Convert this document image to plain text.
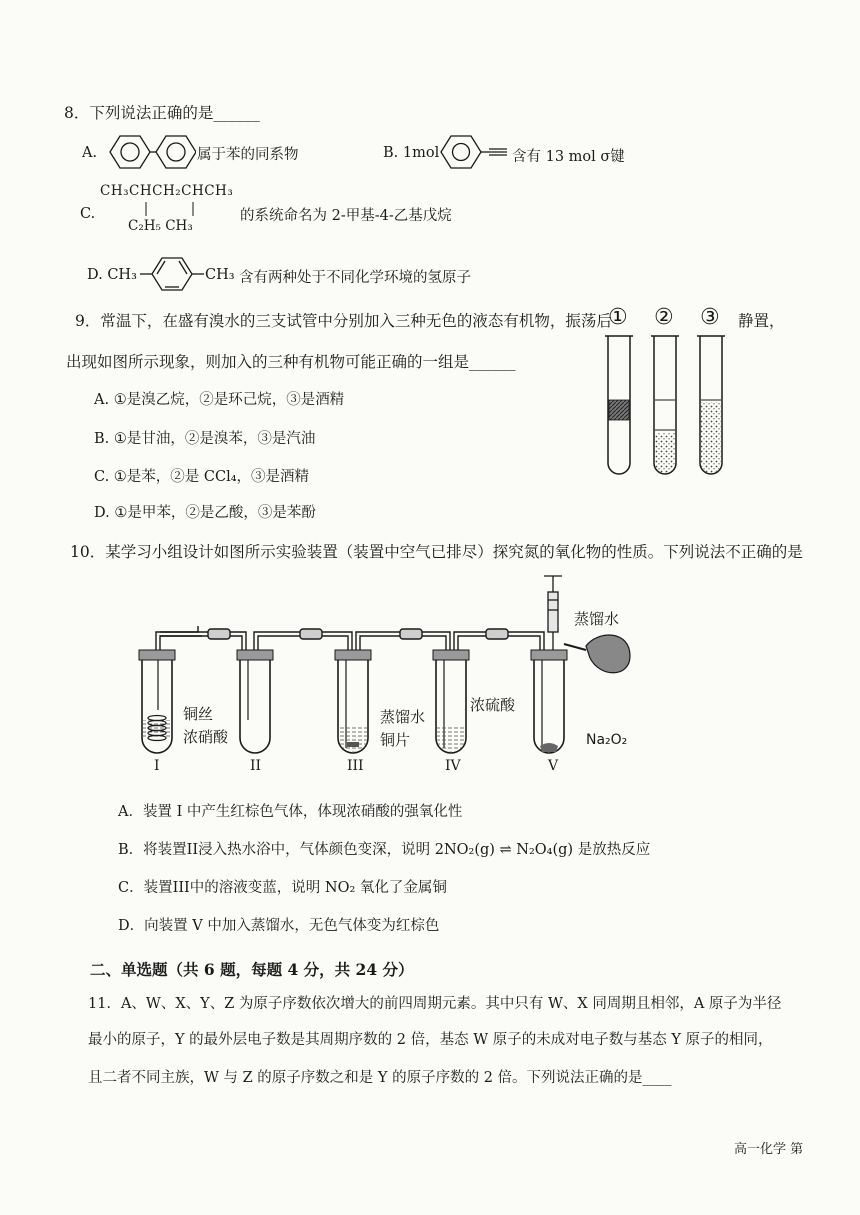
8．下列说法正确的是______
A.	属于苯的同系物	B. 1mol	含有 13 mol σ键
C.
CH₃CHCH₂CHCH₃
C₂H₅ CH₃
的系统命名为 2-甲基-4-乙基戊烷
D. CH₃	CH₃ 含有两种处于不同化学环境的氢原子
9．常温下，在盛有溴水的三支试管中分别加入三种无色的液态有机物，振荡后	静置，
出现如图所示现象，则加入的三种有机物可能正确的一组是______
A. ①是溴乙烷，②是环己烷，③是酒精
B. ①是甘油，②是溴苯，③是汽油
C. ①是苯，②是 CCl₄，③是酒精
D. ①是甲苯，②是乙酸，③是苯酚
① ② ③
10．某学习小组设计如图所示实验装置（装置中空气已排尽）探究氮的氧化物的性质。下列说法不正确的是
铜丝
浓硝酸
蒸馏水
铜片
浓硫酸
蒸馏水
Na₂O₂
I	II	III	IV	V
A．装置 I 中产生红棕色气体，体现浓硝酸的强氧化性
B．将装置II浸入热水浴中，气体颜色变深，说明 2NO₂(g) ⇌ N₂O₄(g) 是放热反应
C．装置III中的溶液变蓝，说明 NO₂ 氧化了金属铜
D．向装置 V 中加入蒸馏水，无色气体变为红棕色
二、单选题（共 6 题，每题 4 分，共 24 分）
11．A、W、X、Y、Z 为原子序数依次增大的前四周期元素。其中只有 W、X 同周期且相邻，A 原子为半径
最小的原子，Y 的最外层电子数是其周期序数的 2 倍，基态 W 原子的未成对电子数与基态 Y 原子的相同，
且二者不同主族，W 与 Z 的原子序数之和是 Y 的原子序数的 2 倍。下列说法正确的是____
高一化学 第
